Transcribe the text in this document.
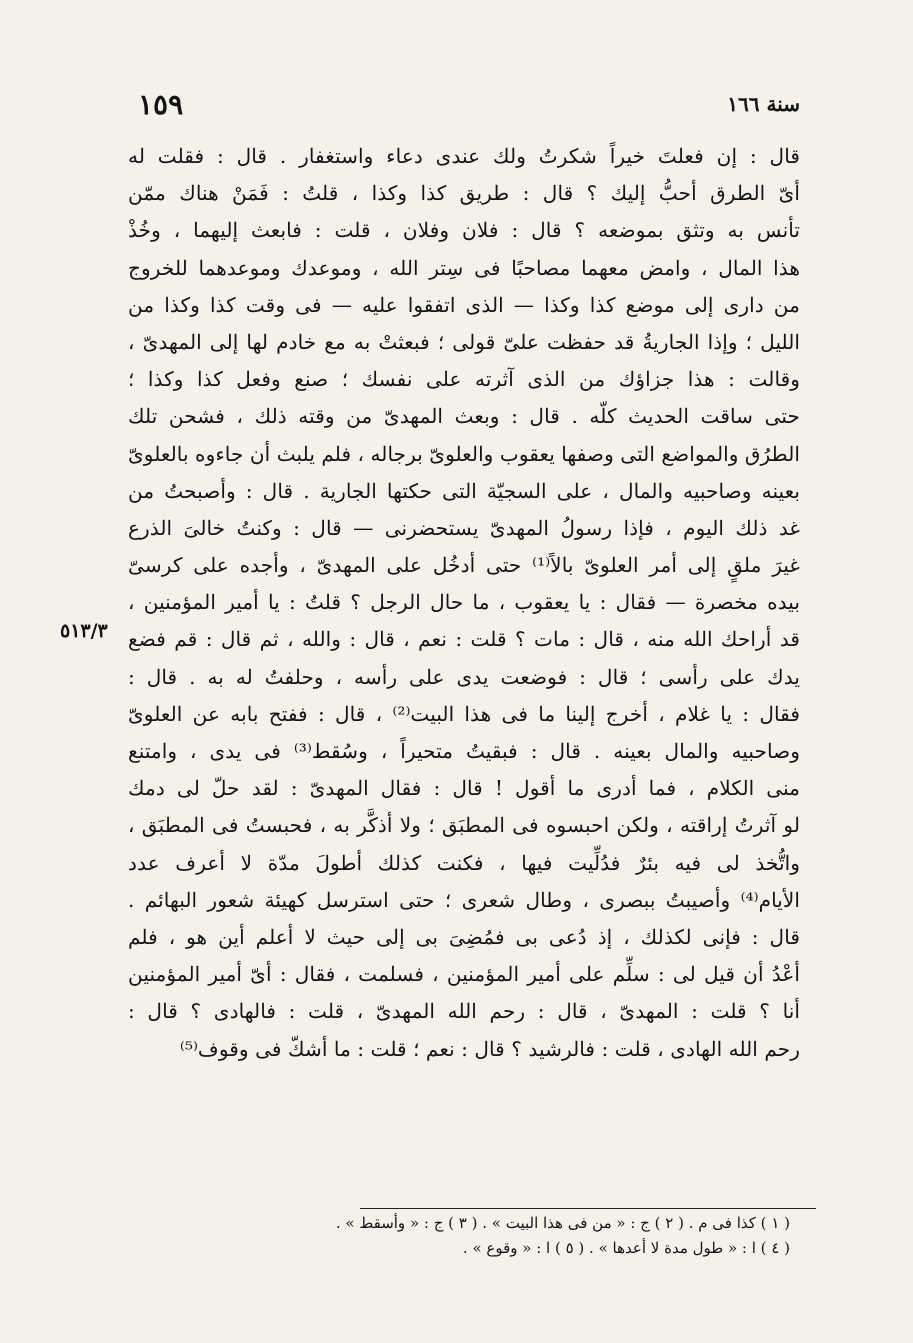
سنة ١٦٦
١٥٩
قال : إن فعلتَ خيراً شكرتُ ولك عندى دعاء واستغفار . قال : فقلت له
أىّ الطرق أحبُّ إليك ؟ قال : طريق كذا وكذا ، قلتُ : فَمَنْ هناك ممّن
تأنس به وتثق بموضعه ؟ قال : فلان وفلان ، قلت : فابعث إليهما ، وخُذْ
هذا المال ، وامض معهما مصاحبًا فى سِتر الله ، وموعدك وموعدهما للخروج
من دارى إلى موضع كذا وكذا — الذى اتفقوا عليه — فى وقت كذا وكذا من
الليل ؛ وإذا الجاريةُ قد حفظت علىّ قولى ؛ فبعثتْ به مع خادم لها إلى المهدىّ ،
وقالت : هذا جزاؤك من الذى آثرته على نفسك ؛ صنع وفعل كذا وكذا ؛
حتى ساقت الحديث كلّه . قال : وبعث المهدىّ من وقته ذلك ، فشحن تلك
الطرُق والمواضع التى وصفها يعقوب والعلوىّ برجاله ، فلم يلبث أن جاءوه بالعلوىّ
بعينه وصاحبيه والمال ، على السجيّة التى حكتها الجارية . قال : وأصبحتُ من
غد ذلك اليوم ، فإذا رسولُ المهدىّ يستحضرنى — قال : وكنتُ خالىَ الذرع
غيرَ ملقٍ إلى أمر العلوىّ بالاً⁽¹⁾ حتى أدخُل على المهدىّ ، وأجده على كرسىّ
بيده مخصرة — فقال : يا يعقوب ، ما حال الرجل ؟ قلتُ : يا أمير المؤمنين ،
قد أراحك الله منه ، قال : مات ؟ قلت : نعم ، قال : والله ، ثم قال : قم فضع
يدك على رأسى ؛ قال : فوضعت يدى على رأسه ، وحلفتُ له به . قال :
فقال : يا غلام ، أخرج إلينا ما فى هذا البيت⁽²⁾ ، قال : ففتح بابه عن العلوىّ
وصاحبيه والمال بعينه . قال : فبقيتُ متحيراً ، وسُقط⁽³⁾ فى يدى ، وامتنع
منى الكلام ، فما أدرى ما أقول ! قال : فقال المهدىّ : لقد حلّ لى دمك
لو آثرتُ إراقته ، ولكن احبسوه فى المطبَق ؛ ولا أذكَّر به ، فحبستُ فى المطبَق ،
واتُّخذ لى فيه بئرٌ فدُلِّيت فيها ، فكنت كذلك أطولَ مدّة لا أعرف عدد
الأيام⁽⁴⁾ وأصيبتُ ببصرى ، وطال شعرى ؛ حتى استرسل كهيئة شعور البهائم .
قال : فإنى لكذلك ، إذ دُعى بى فمُضِىَ بى إلى حيث لا أعلم أين هو ، فلم
أعْدُ أن قيل لى : سلِّم على أمير المؤمنين ، فسلمت ، فقال : أىّ أمير المؤمنين
أنا ؟ قلت : المهدىّ ، قال : رحم الله المهدىّ ، قلت : فالهادى ؟ قال :
رحم الله الهادى ، قلت : فالرشيد ؟ قال : نعم ؛ قلت : ما أشكّ فى وقوف⁽⁵⁾
٥١٣/٣
( ١ ) كذا فى م . ( ٢ ) ج : « من فى هذا البيت » . ( ٣ ) ج : « وأسقط » .
( ٤ ) ا : « طول مدة لا أعدها » . ( ٥ ) ا : « وقوع » .
